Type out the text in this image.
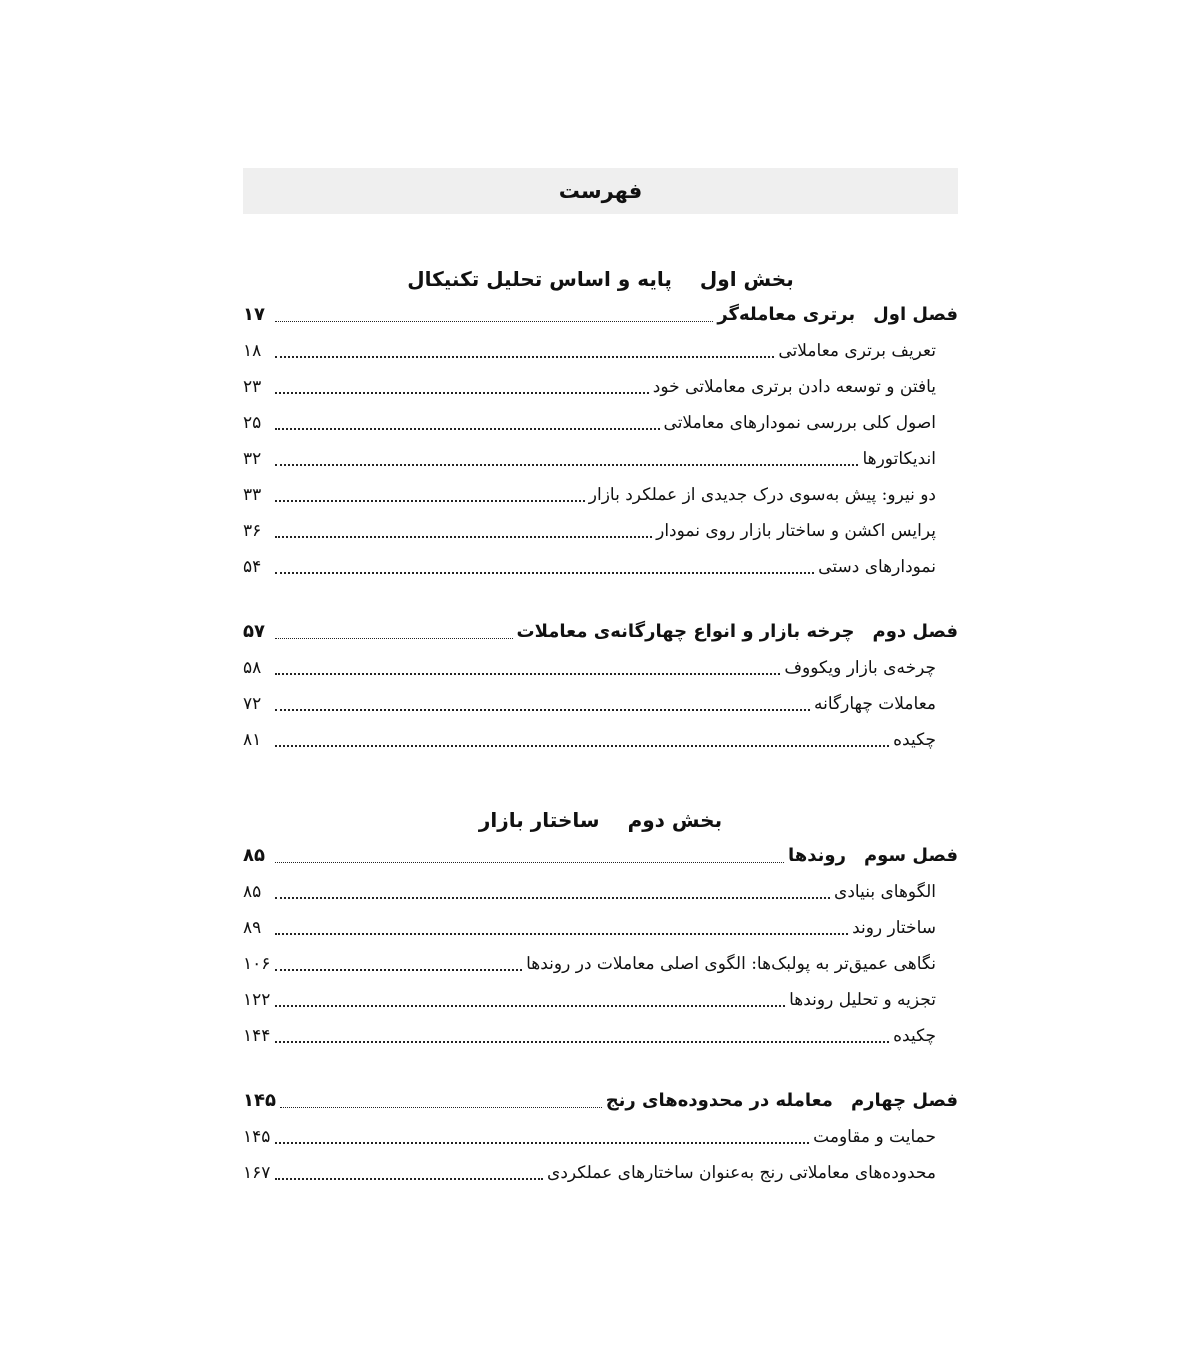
فهرست
بخش اولپایه و اساس تحلیل تکنیکال
فصل اولبرتری معامله‌گر
۱۷
تعریف برتری معاملاتی
۱۸
یافتن و توسعه دادن برتری معاملاتی خود
۲۳
اصول کلی بررسی نمودارهای معاملاتی
۲۵
اندیکاتورها
۳۲
دو نیرو: پیش به‌سوی درک جدیدی از عملکرد بازار
۳۳
پرایس اکشن و ساختار بازار روی نمودار
۳۶
نمودارهای دستی
۵۴
فصل دومچرخه بازار و انواع چهارگانه‌ی معاملات
۵۷
چرخه‌ی بازار ویکووف
۵۸
معاملات چهارگانه
۷۲
چکیده
۸۱
بخش دومساختار بازار
فصل سومروندها
۸۵
الگوهای بنیادی
۸۵
ساختار روند
۸۹
نگاهی عمیق‌تر به پولبک‌ها: الگوی اصلی معاملات در روندها
۱۰۶
تجزیه و تحلیل روندها
۱۲۲
چکیده
۱۴۴
فصل چهارممعامله در محدوده‌های رنج
۱۴۵
حمایت و مقاومت
۱۴۵
محدوده‌های معاملاتی رنج به‌عنوان ساختارهای عملکردی
۱۶۷
